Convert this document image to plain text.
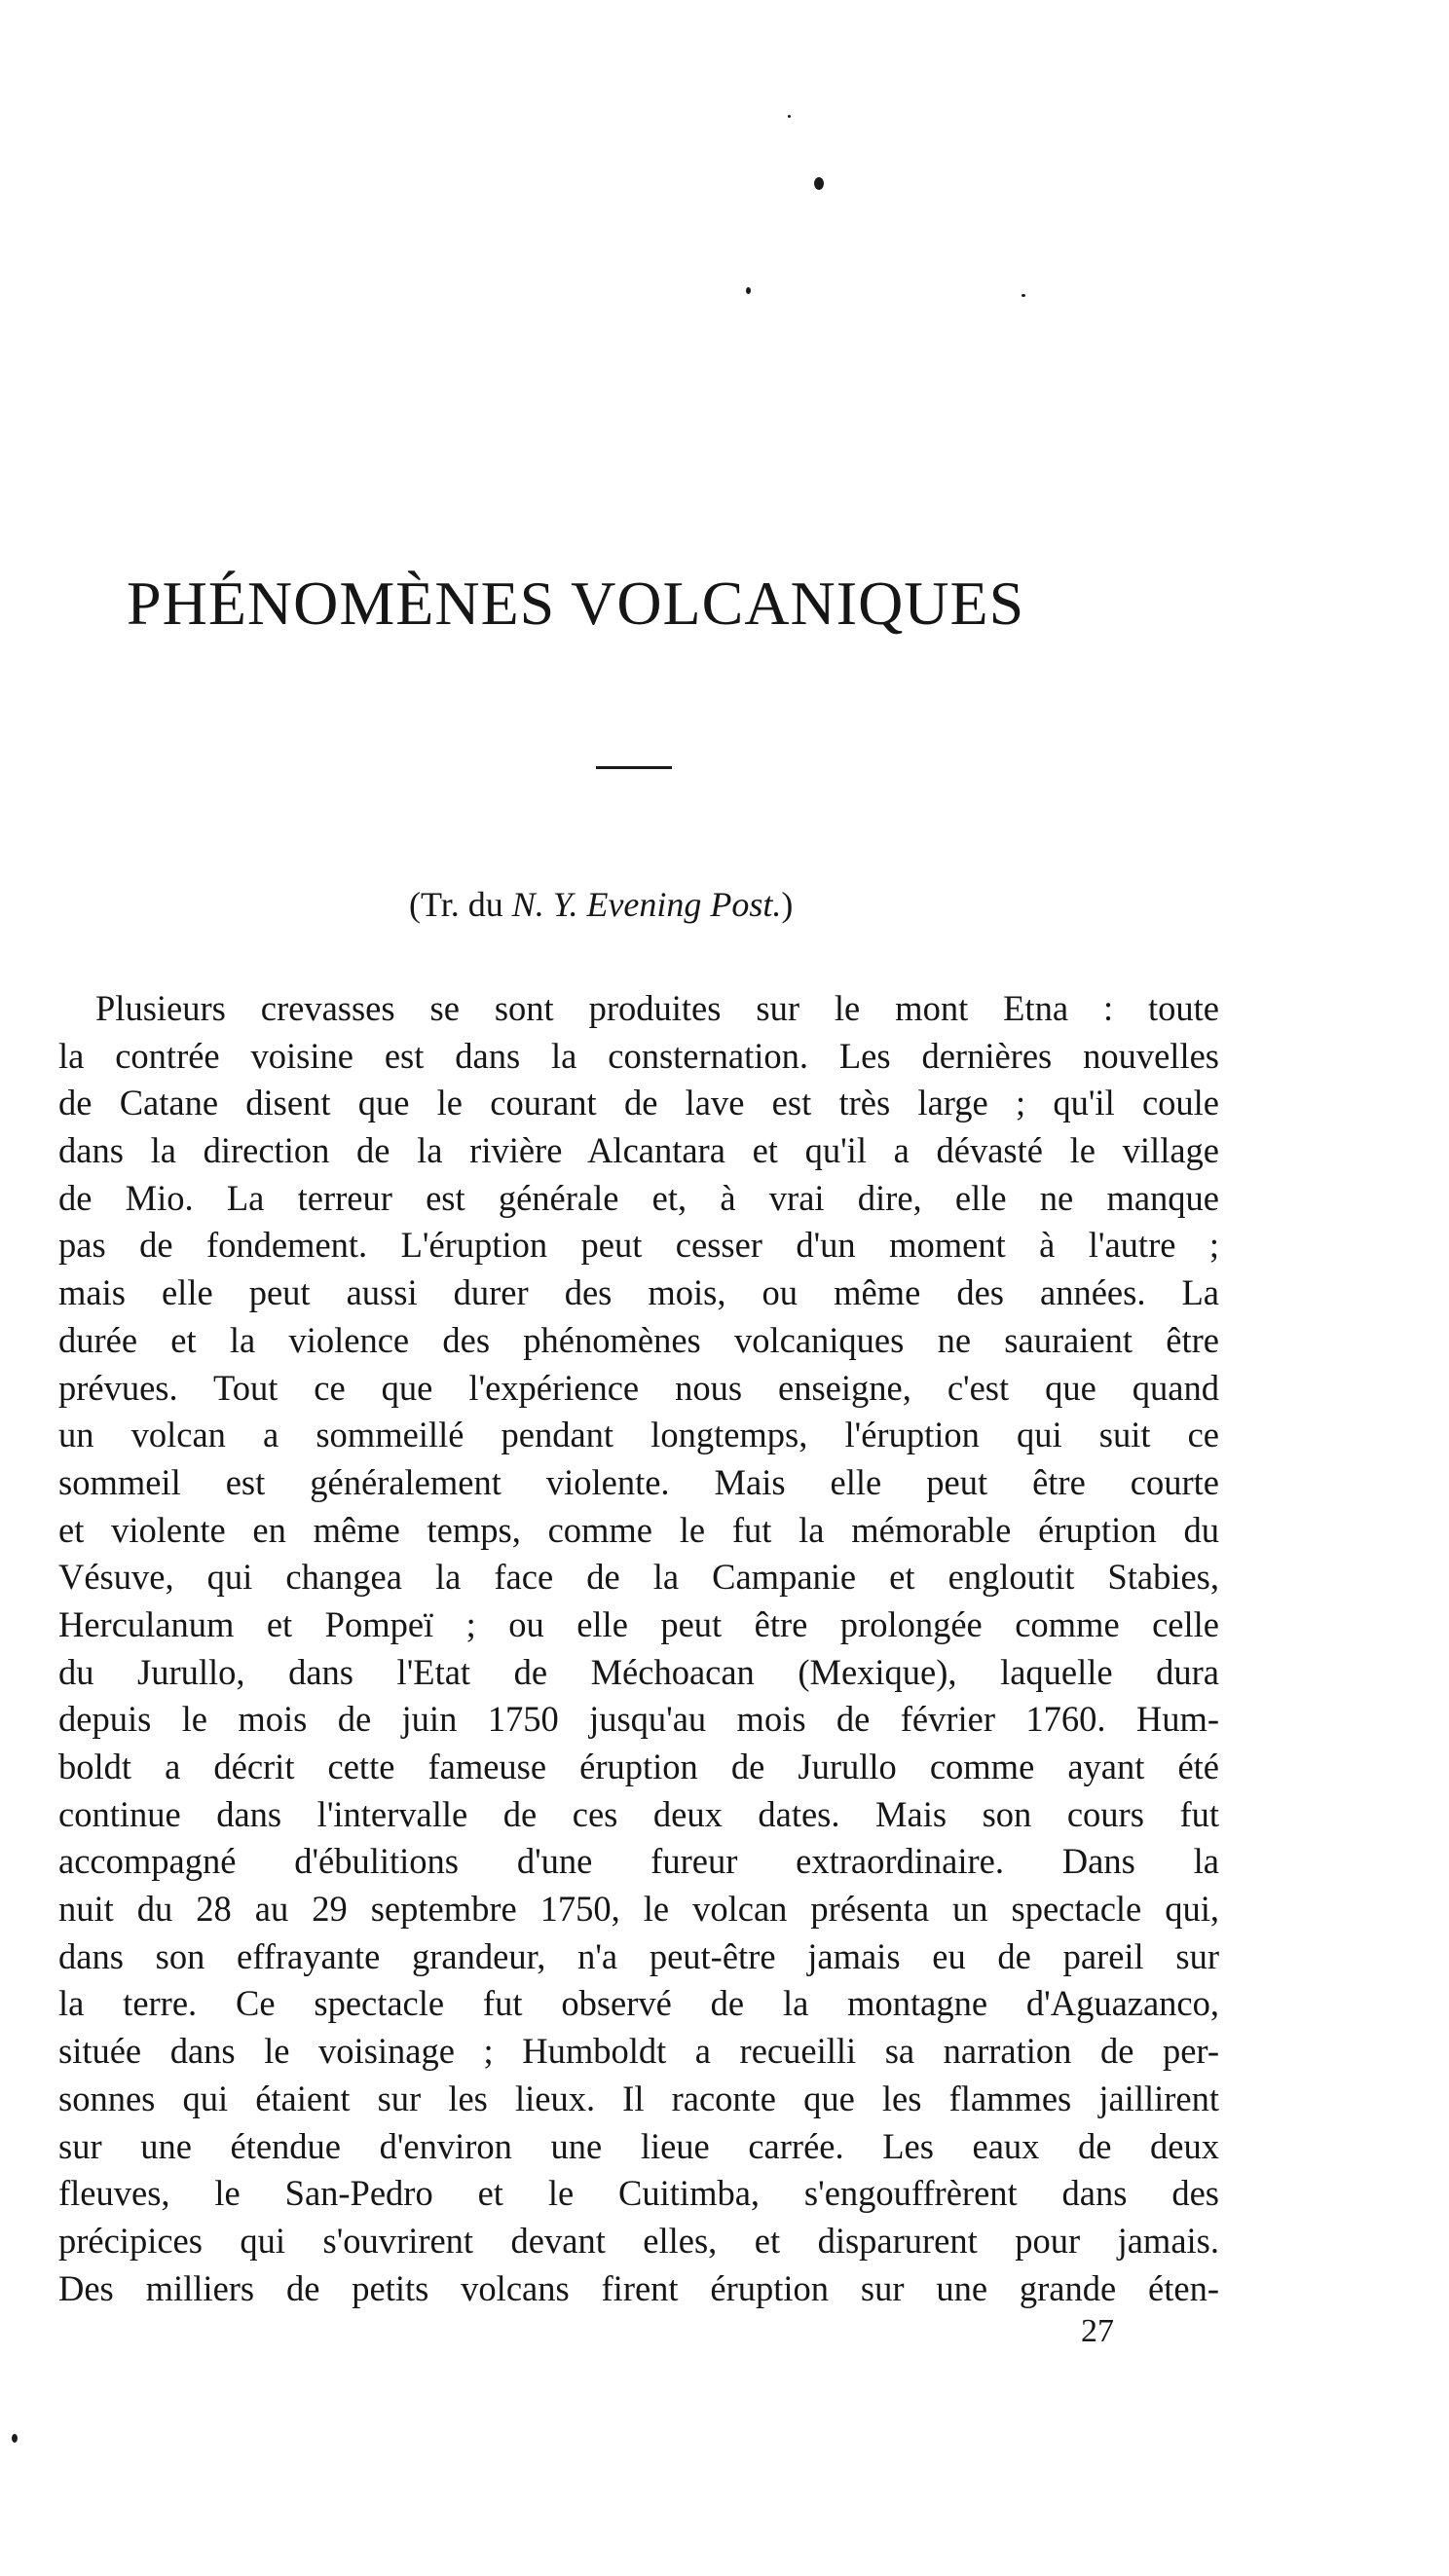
PHÉNOMÈNES VOLCANIQUES
(Tr. du N. Y. Evening Post.)
Plusieurs crevasses se sont produites sur le mont Etna : toute
la contrée voisine est dans la consternation. Les dernières nouvelles
de Catane disent que le courant de lave est très large ; qu'il coule
dans la direction de la rivière Alcantara et qu'il a dévasté le village
de Mio. La terreur est générale et, à vrai dire, elle ne manque
pas de fondement. L'éruption peut cesser d'un moment à l'autre ;
mais elle peut aussi durer des mois, ou même des années. La
durée et la violence des phénomènes volcaniques ne sauraient être
prévues. Tout ce que l'expérience nous enseigne, c'est que quand
un volcan a sommeillé pendant longtemps, l'éruption qui suit ce
sommeil est généralement violente. Mais elle peut être courte
et violente en même temps, comme le fut la mémorable éruption du
Vésuve, qui changea la face de la Campanie et engloutit Stabies,
Herculanum et Pompeï ; ou elle peut être prolongée comme celle
du Jurullo, dans l'Etat de Méchoacan (Mexique), laquelle dura
depuis le mois de juin 1750 jusqu'au mois de février 1760. Hum-
boldt a décrit cette fameuse éruption de Jurullo comme ayant été
continue dans l'intervalle de ces deux dates. Mais son cours fut
accompagné d'ébulitions d'une fureur extraordinaire. Dans la
nuit du 28 au 29 septembre 1750, le volcan présenta un spectacle qui,
dans son effrayante grandeur, n'a peut-être jamais eu de pareil sur
la terre. Ce spectacle fut observé de la montagne d'Aguazanco,
située dans le voisinage ; Humboldt a recueilli sa narration de per-
sonnes qui étaient sur les lieux. Il raconte que les flammes jaillirent
sur une étendue d'environ une lieue carrée. Les eaux de deux
fleuves, le San-Pedro et le Cuitimba, s'engouffrèrent dans des
précipices qui s'ouvrirent devant elles, et disparurent pour jamais.
Des milliers de petits volcans firent éruption sur une grande éten-
27
